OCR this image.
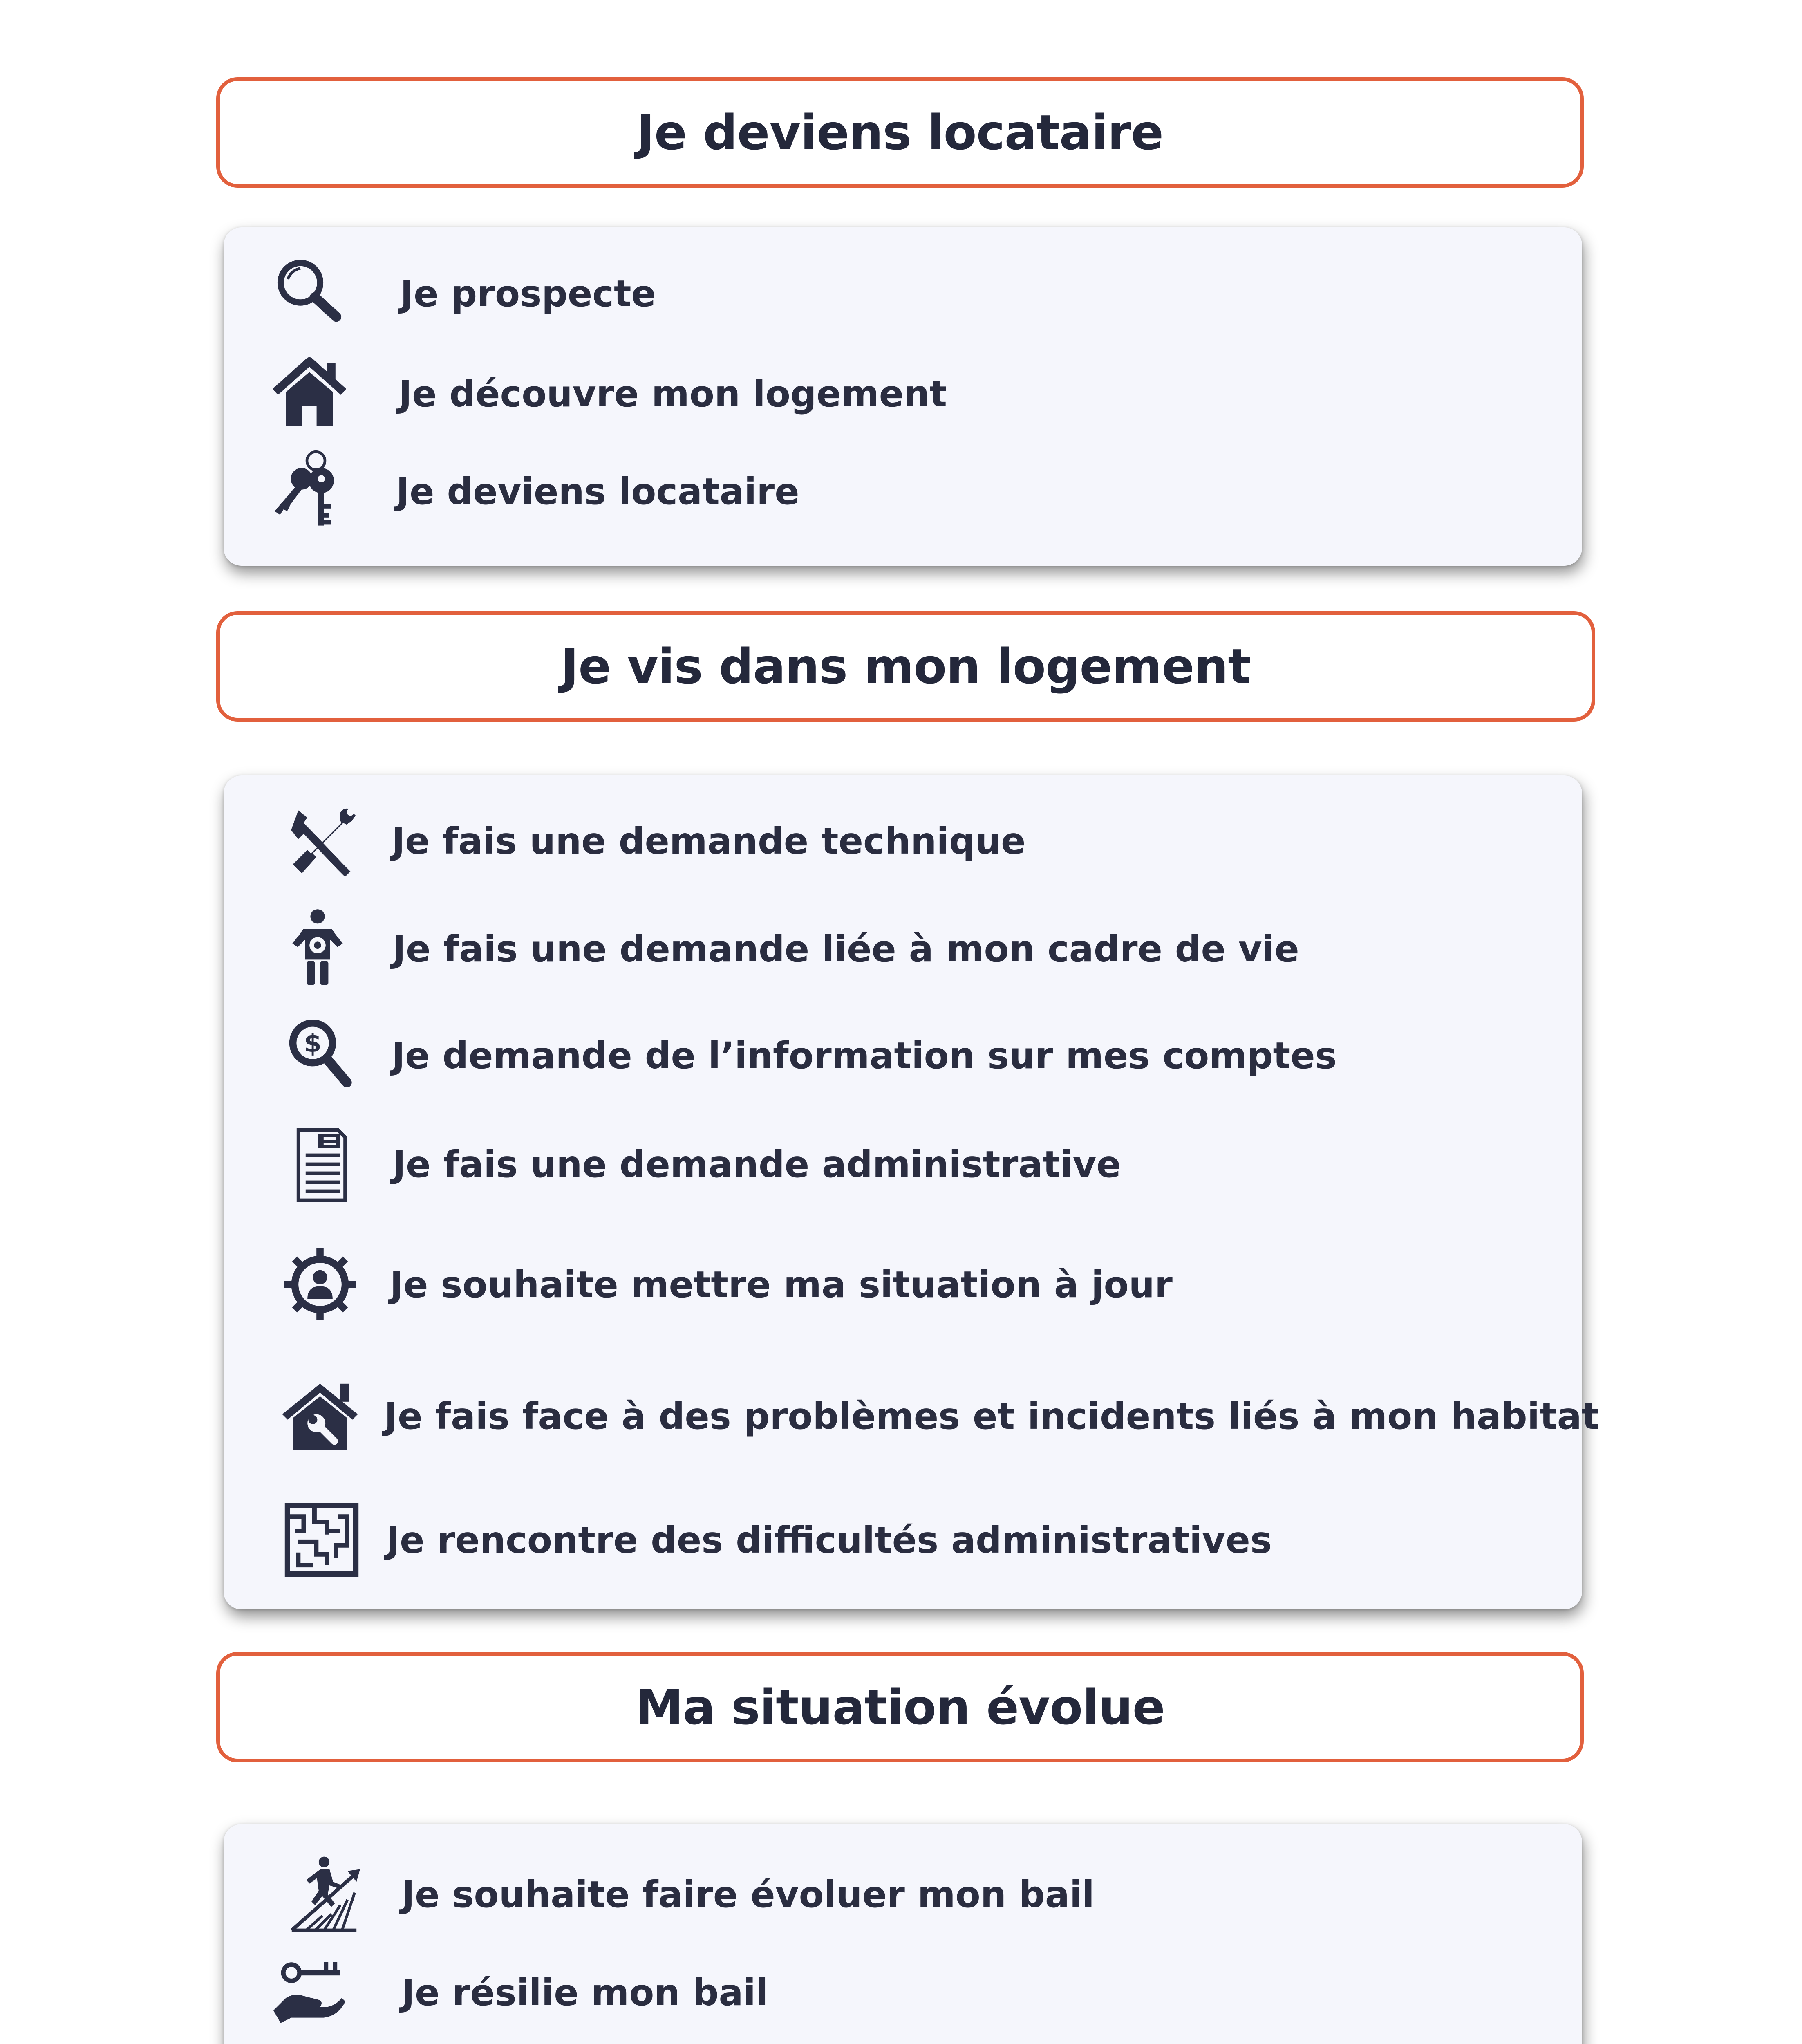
Je deviens locataire
Je prospecte
Je découvre mon logement
Je deviens locataire
Je vis dans mon logement
Je fais une demande technique
Je fais une demande liée à mon cadre de vie
$ Je demande de l’information sur mes comptes
Je fais une demande administrative
Je souhaite mettre ma situation à jour
Je fais face à des problèmes et incidents liés à mon habitat
Je rencontre des difficultés administratives
Ma situation évolue
Je souhaite faire évoluer mon bail
Je résilie mon bail
